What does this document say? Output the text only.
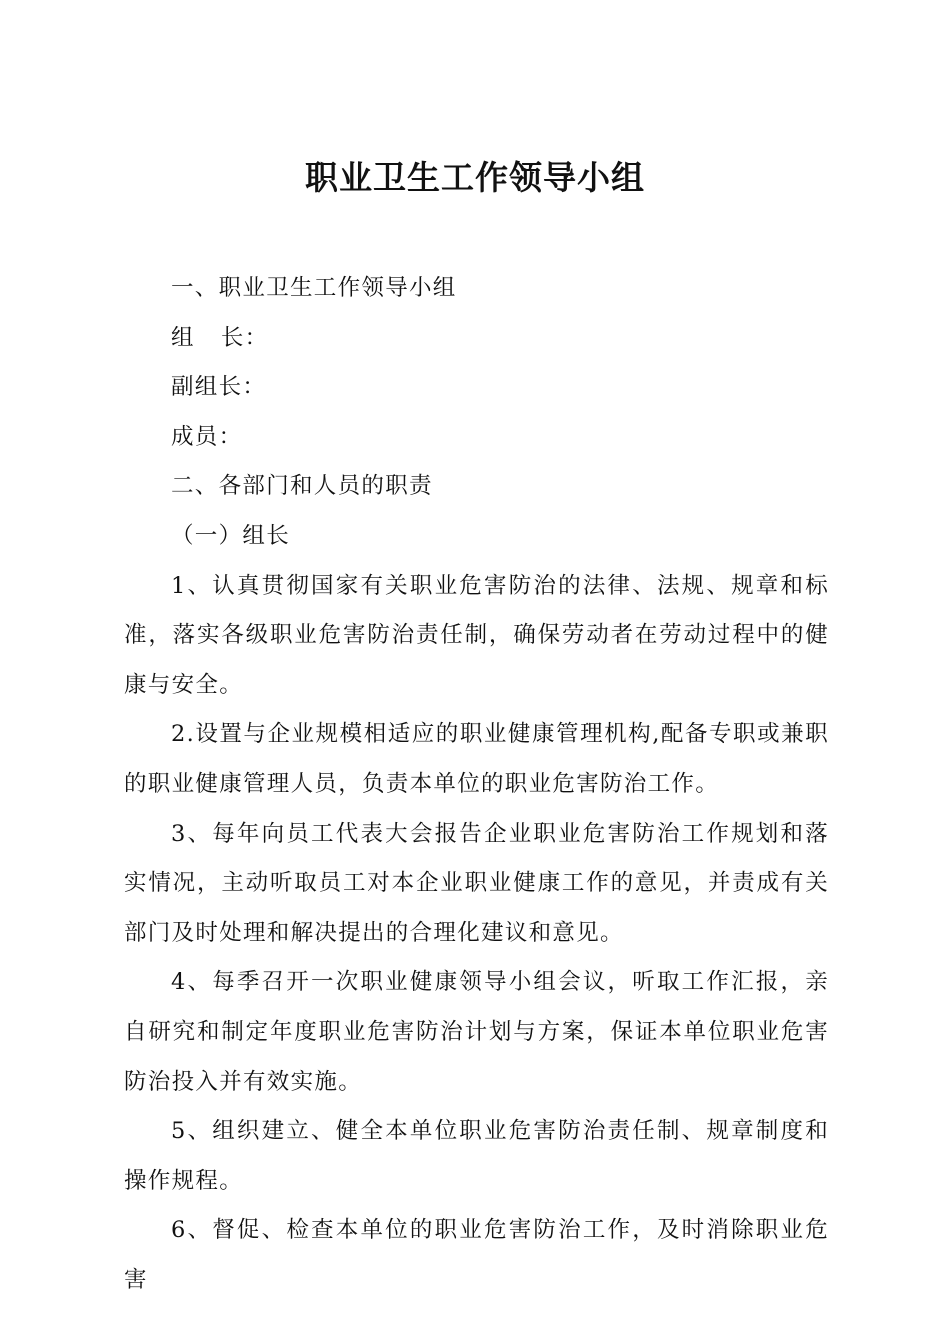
职业卫生工作领导小组

一、职业卫生工作领导小组

组 长：

副组长：

成员：

二、各部门和人员的职责

（一）组长

1、认真贯彻国家有关职业危害防治的法律、法规、规章和标准，落实各级职业危害防治责任制，确保劳动者在劳动过程中的健康与安全。

2.设置与企业规模相适应的职业健康管理机构,配备专职或兼职的职业健康管理人员，负责本单位的职业危害防治工作。

3、每年向员工代表大会报告企业职业危害防治工作规划和落实情况，主动听取员工对本企业职业健康工作的意见，并责成有关部门及时处理和解决提出的合理化建议和意见。

4、每季召开一次职业健康领导小组会议，听取工作汇报，亲自研究和制定年度职业危害防治计划与方案，保证本单位职业危害防治投入并有效实施。

5、组织建立、健全本单位职业危害防治责任制、规章制度和操作规程。

6、督促、检查本单位的职业危害防治工作，及时消除职业危害
